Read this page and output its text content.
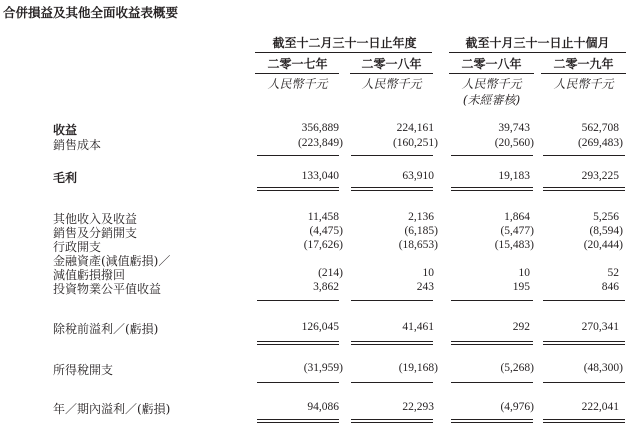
合併損益及其他全面收益表概要
截至十二月三十一日止年度	截至十月三十一日止十個月
二零一七年	二零一八年	二零一八年	二零一九年
人民幣千元	人民幣千元	人民幣千元	人民幣千元
(未經審核)
收益	356,889	224,161	39,743	562,708
銷售成本	(223,849)	(160,251)	(20,560)	(269,483)
毛利	133,040	63,910	19,183	293,225
其他收入及收益	11,458	2,136	1,864	5,256
銷售及分銷開支	(4,475)	(6,185)	(5,477)	(8,594)
行政開支	(17,626)	(18,653)	(15,483)	(20,444)
金融資產(減值虧損)／
減值虧損撥回	(214)	10	10	52
投資物業公平值收益	3,862	243	195	846
除稅前溢利／(虧損)	126,045	41,461	292	270,341
所得稅開支	(31,959)	(19,168)	(5,268)	(48,300)
年／期內溢利／(虧損)	94,086	22,293	(4,976)	222,041
